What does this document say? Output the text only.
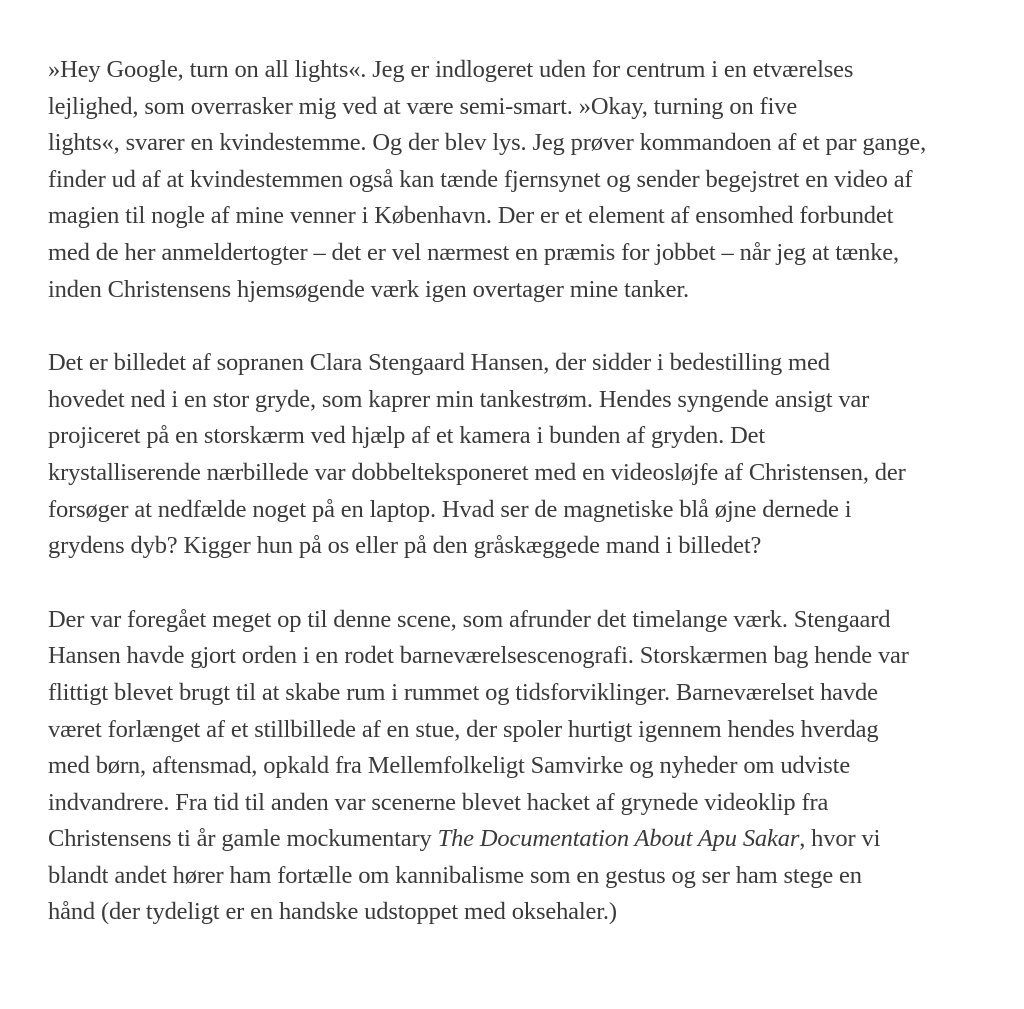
»Hey Google, turn on all lights«. Jeg er indlogeret uden for centrum i en etværelses
lejlighed, som overrasker mig ved at være semi-smart. »Okay, turning on five
lights«, svarer en kvindestemme. Og der blev lys. Jeg prøver kommandoen af et par gange,
finder ud af at kvindestemmen også kan tænde fjernsynet og sender begejstret en video af
magien til nogle af mine venner i København. Der er et element af ensomhed forbundet
med de her anmeldertogter – det er vel nærmest en præmis for jobbet – når jeg at tænke,
inden Christensens hjemsøgende værk igen overtager mine tanker.

Det er billedet af sopranen Clara Stengaard Hansen, der sidder i bedestilling med
hovedet ned i en stor gryde, som kaprer min tankestrøm. Hendes syngende ansigt var
projiceret på en storskærm ved hjælp af et kamera i bunden af gryden. Det
krystalliserende nærbillede var dobbelteksponeret med en videosløjfe af Christensen, der
forsøger at nedfælde noget på en laptop. Hvad ser de magnetiske blå øjne dernede i
grydens dyb? Kigger hun på os eller på den gråskæggede mand i billedet?

Der var foregået meget op til denne scene, som afrunder det timelange værk. Stengaard
Hansen havde gjort orden i en rodet barneværelsescenografi. Storskærmen bag hende var
flittigt blevet brugt til at skabe rum i rummet og tidsforviklinger. Barneværelset havde
været forlænget af et stillbillede af en stue, der spoler hurtigt igennem hendes hverdag
med børn, aftensmad, opkald fra Mellemfolkeligt Samvirke og nyheder om udviste
indvandrere. Fra tid til anden var scenerne blevet hacket af grynede videoklip fra
Christensens ti år gamle mockumentary The Documentation About Apu Sakar, hvor vi
blandt andet hører ham fortælle om kannibalisme som en gestus og ser ham stege en
hånd (der tydeligt er en handske udstoppet med oksehaler.)
